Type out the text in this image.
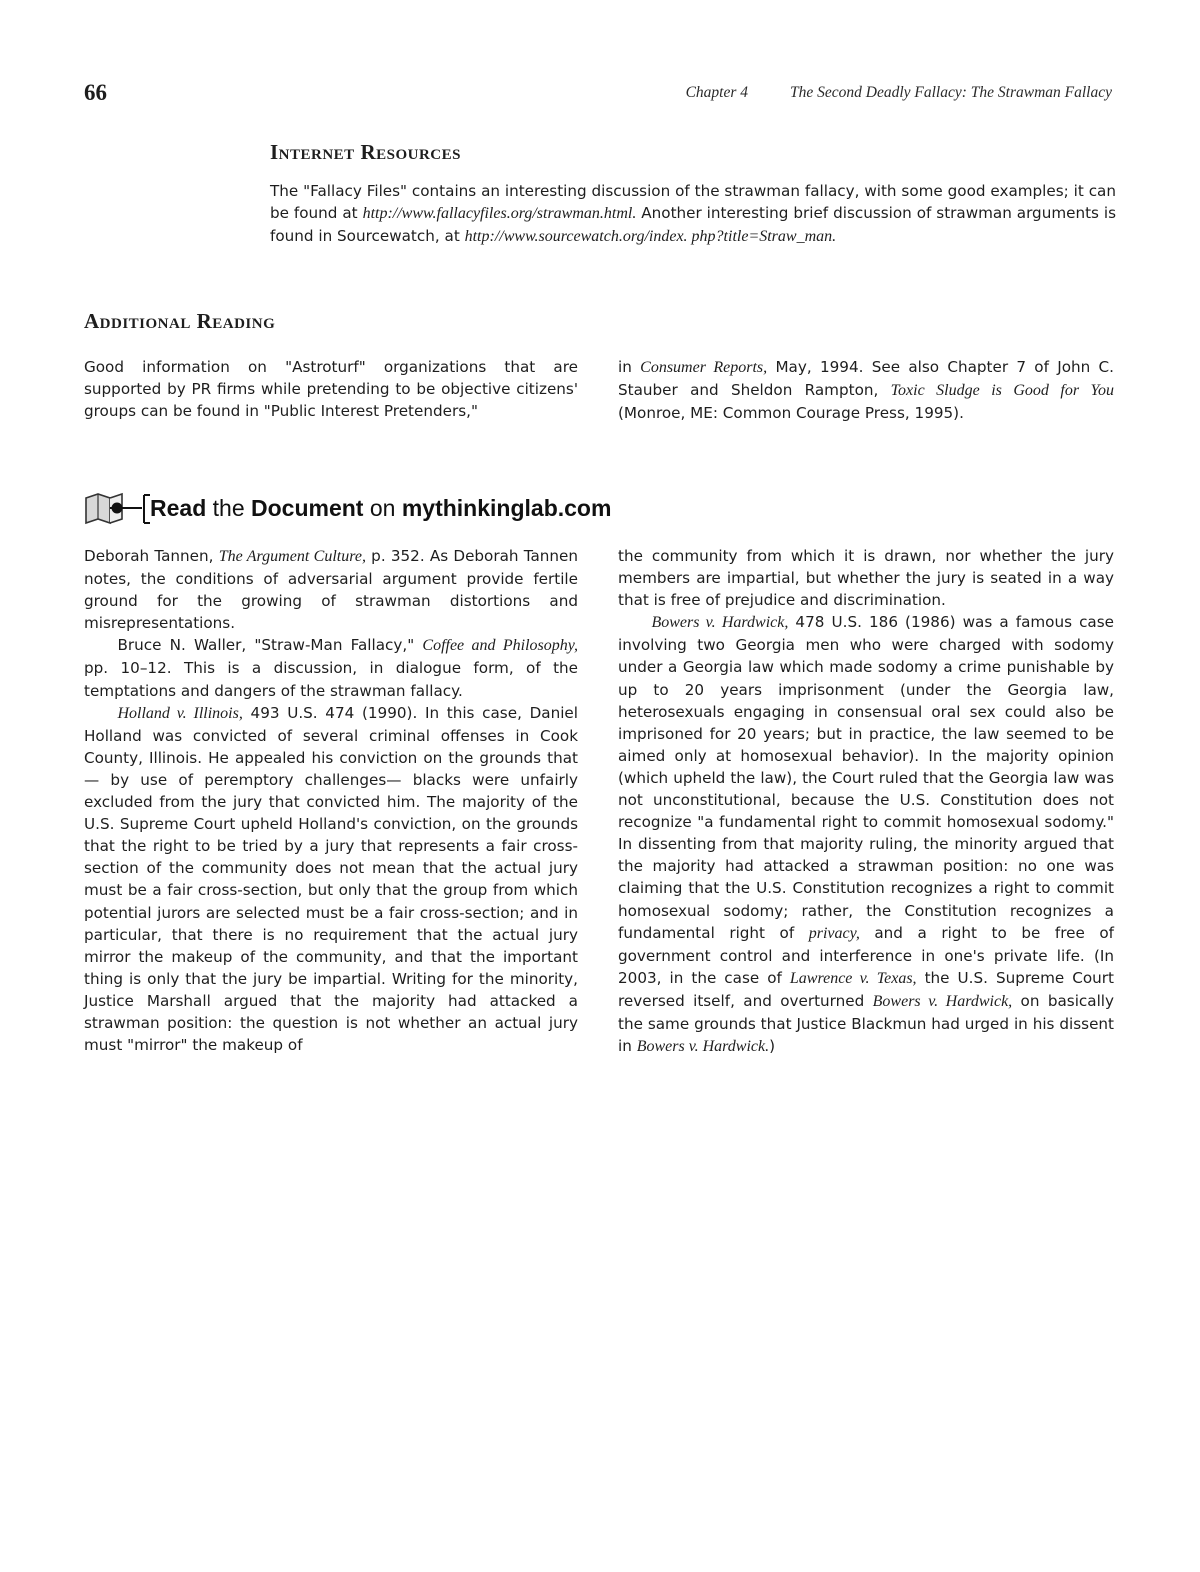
66	Chapter 4	The Second Deadly Fallacy: The Strawman Fallacy
Internet Resources

The "Fallacy Files" contains an interesting discussion of the strawman fallacy, with some good examples; it can be found at http://www.fallacyfiles.org/strawman.html. Another interesting brief discussion of strawman arguments is found in Sourcewatch, at http://www.sourcewatch.org/index. php?title=Straw_man.

Additional Reading

Good information on "Astroturf" organizations that are supported by PR firms while pretending to be objective citizens' groups can be found in "Public Interest Pretenders,"

in Consumer Reports, May, 1994. See also Chapter 7 of John C. Stauber and Sheldon Rampton, Toxic Sludge is Good for You (Monroe, ME: Common Courage Press, 1995).

Read the Document on mythinkinglab.com

Deborah Tannen, The Argument Culture, p. 352. As Deborah Tannen notes, the conditions of adversarial argument provide fertile ground for the growing of strawman distortions and misrepresentations.

Bruce N. Waller, "Straw-Man Fallacy," Coffee and Philosophy, pp. 10–12. This is a discussion, in dialogue form, of the temptations and dangers of the strawman fallacy.

Holland v. Illinois, 493 U.S. 474 (1990). In this case, Daniel Holland was convicted of several criminal offenses in Cook County, Illinois. He appealed his conviction on the grounds that— by use of peremptory challenges— blacks were unfairly excluded from the jury that convicted him. The majority of the U.S. Supreme Court upheld Holland's conviction, on the grounds that the right to be tried by a jury that represents a fair cross-section of the community does not mean that the actual jury must be a fair cross-section, but only that the group from which potential jurors are selected must be a fair cross-section; and in particular, that there is no requirement that the actual jury mirror the makeup of the community, and that the important thing is only that the jury be impartial. Writing for the minority, Justice Marshall argued that the majority had attacked a strawman position: the question is not whether an actual jury must "mirror" the makeup of

the community from which it is drawn, nor whether the jury members are impartial, but whether the jury is seated in a way that is free of prejudice and discrimination.

Bowers v. Hardwick, 478 U.S. 186 (1986) was a famous case involving two Georgia men who were charged with sodomy under a Georgia law which made sodomy a crime punishable by up to 20 years imprisonment (under the Georgia law, heterosexuals engaging in consensual oral sex could also be imprisoned for 20 years; but in practice, the law seemed to be aimed only at homosexual behavior). In the majority opinion (which upheld the law), the Court ruled that the Georgia law was not unconstitutional, because the U.S. Constitution does not recognize "a fundamental right to commit homosexual sodomy." In dissenting from that majority ruling, the minority argued that the majority had attacked a strawman position: no one was claiming that the U.S. Constitution recognizes a right to commit homosexual sodomy; rather, the Constitution recognizes a fundamental right of privacy, and a right to be free of government control and interference in one's private life. (In 2003, in the case of Lawrence v. Texas, the U.S. Supreme Court reversed itself, and overturned Bowers v. Hardwick, on basically the same grounds that Justice Blackmun had urged in his dissent in Bowers v. Hardwick.)
